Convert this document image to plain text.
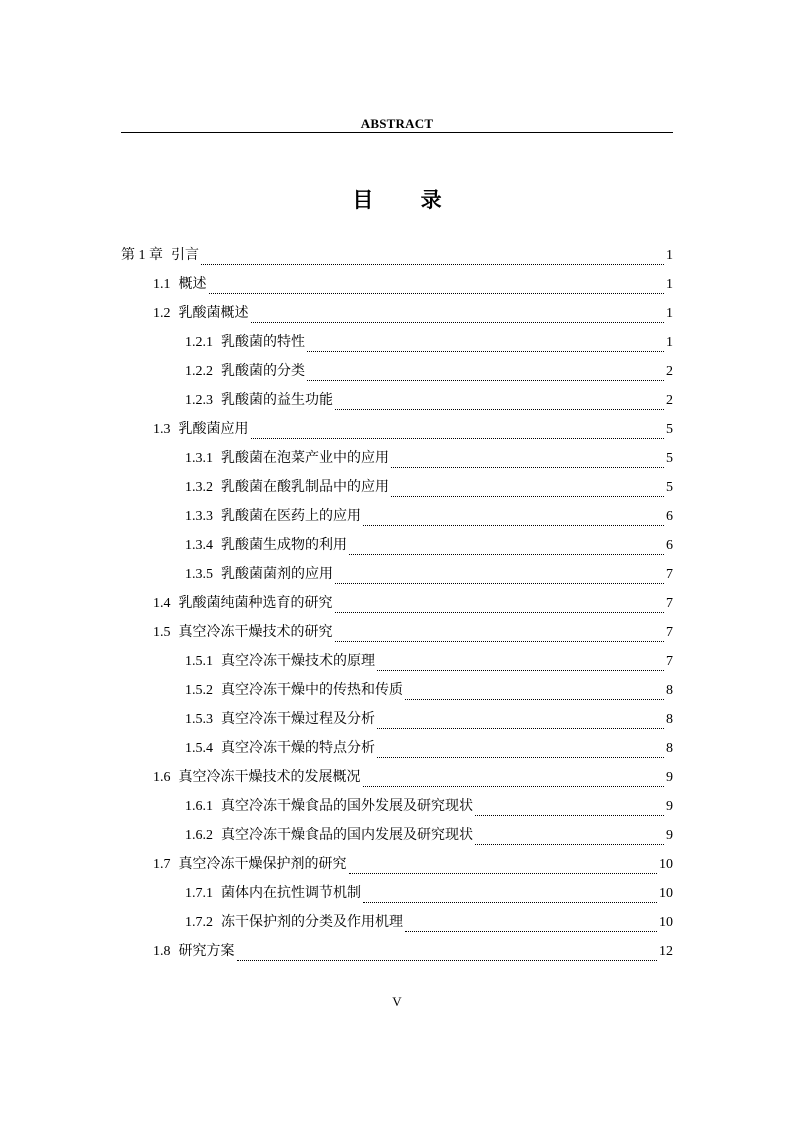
ABSTRACT
目 录
第 1 章 引言	1
1.1 概述	1
1.2 乳酸菌概述	1
1.2.1 乳酸菌的特性	1
1.2.2 乳酸菌的分类	2
1.2.3 乳酸菌的益生功能	2
1.3 乳酸菌应用	5
1.3.1 乳酸菌在泡菜产业中的应用	5
1.3.2 乳酸菌在酸乳制品中的应用	5
1.3.3 乳酸菌在医药上的应用	6
1.3.4 乳酸菌生成物的利用	6
1.3.5 乳酸菌菌剂的应用	7
1.4 乳酸菌纯菌种选育的研究	7
1.5 真空冷冻干燥技术的研究	7
1.5.1 真空冷冻干燥技术的原理	7
1.5.2 真空冷冻干燥中的传热和传质	8
1.5.3 真空冷冻干燥过程及分析	8
1.5.4 真空冷冻干燥的特点分析	8
1.6 真空冷冻干燥技术的发展概况	9
1.6.1 真空冷冻干燥食品的国外发展及研究现状	9
1.6.2 真空冷冻干燥食品的国内发展及研究现状	9
1.7 真空冷冻干燥保护剂的研究	10
1.7.1 菌体内在抗性调节机制	10
1.7.2 冻干保护剂的分类及作用机理	10
1.8 研究方案	12
V
